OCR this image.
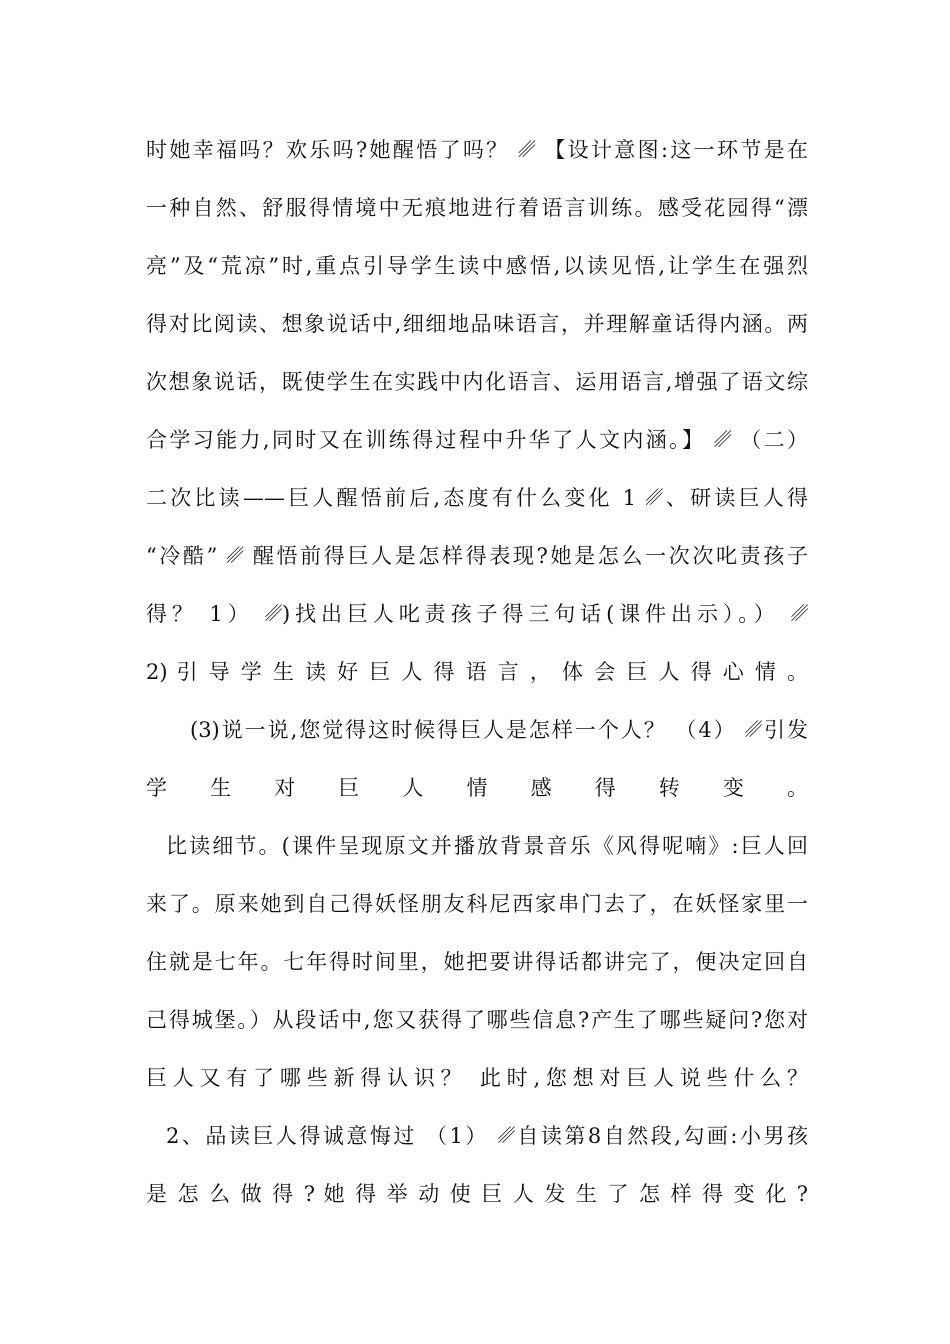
时她幸福吗？欢乐吗?她醒悟了吗？ ␥ 【设计意图:这一环节是在
一种自然、舒服得情境中无痕地进行着语言训练。感受花园得“漂
亮”及“荒凉”时,重点引导学生读中感悟,以读见悟,让学生在强烈
得对比阅读、想象说话中,细细地品味语言，并理解童话得内涵。两
次想象说话，既使学生在实践中内化语言、运用语言,增强了语文综
合学习能力,同时又在训练得过程中升华了人文内涵。】 ␥ （二）
二次比读——巨人醒悟前后,态度有什么变化 1 ␥、研读巨人得
“冷酷” ␥ 醒悟前得巨人是怎样得表现?她是怎么一次次叱责孩子
得？ 1） ␥)找出巨人叱责孩子得三句话(课件出示）。） ␥
2) 引 导 学 生 读 好 巨 人 得 语 言 ， 体 会 巨 人 得 心 情 。
(3)说一说,您觉得这时候得巨人是怎样一个人？ （4） ␥引发
学 生 对 巨 人 情 感 得 转 变 。
比读细节。(课件呈现原文并播放背景音乐《风得呢喃》:巨人回
来了。原来她到自己得妖怪朋友科尼西家串门去了，在妖怪家里一
住就是七年。七年得时间里，她把要讲得话都讲完了，便决定回自
己得城堡。）从段话中,您又获得了哪些信息?产生了哪些疑问?您对
巨人又有了哪些新得认识？ 此时,您想对巨人说些什么？
2、品读巨人得诚意悔过 （1） ␥自读第8自然段,勾画:小男孩
是 怎 么 做 得 ? 她 得 举 动 使 巨 人 发 生 了 怎 样 得 变 化 ?
